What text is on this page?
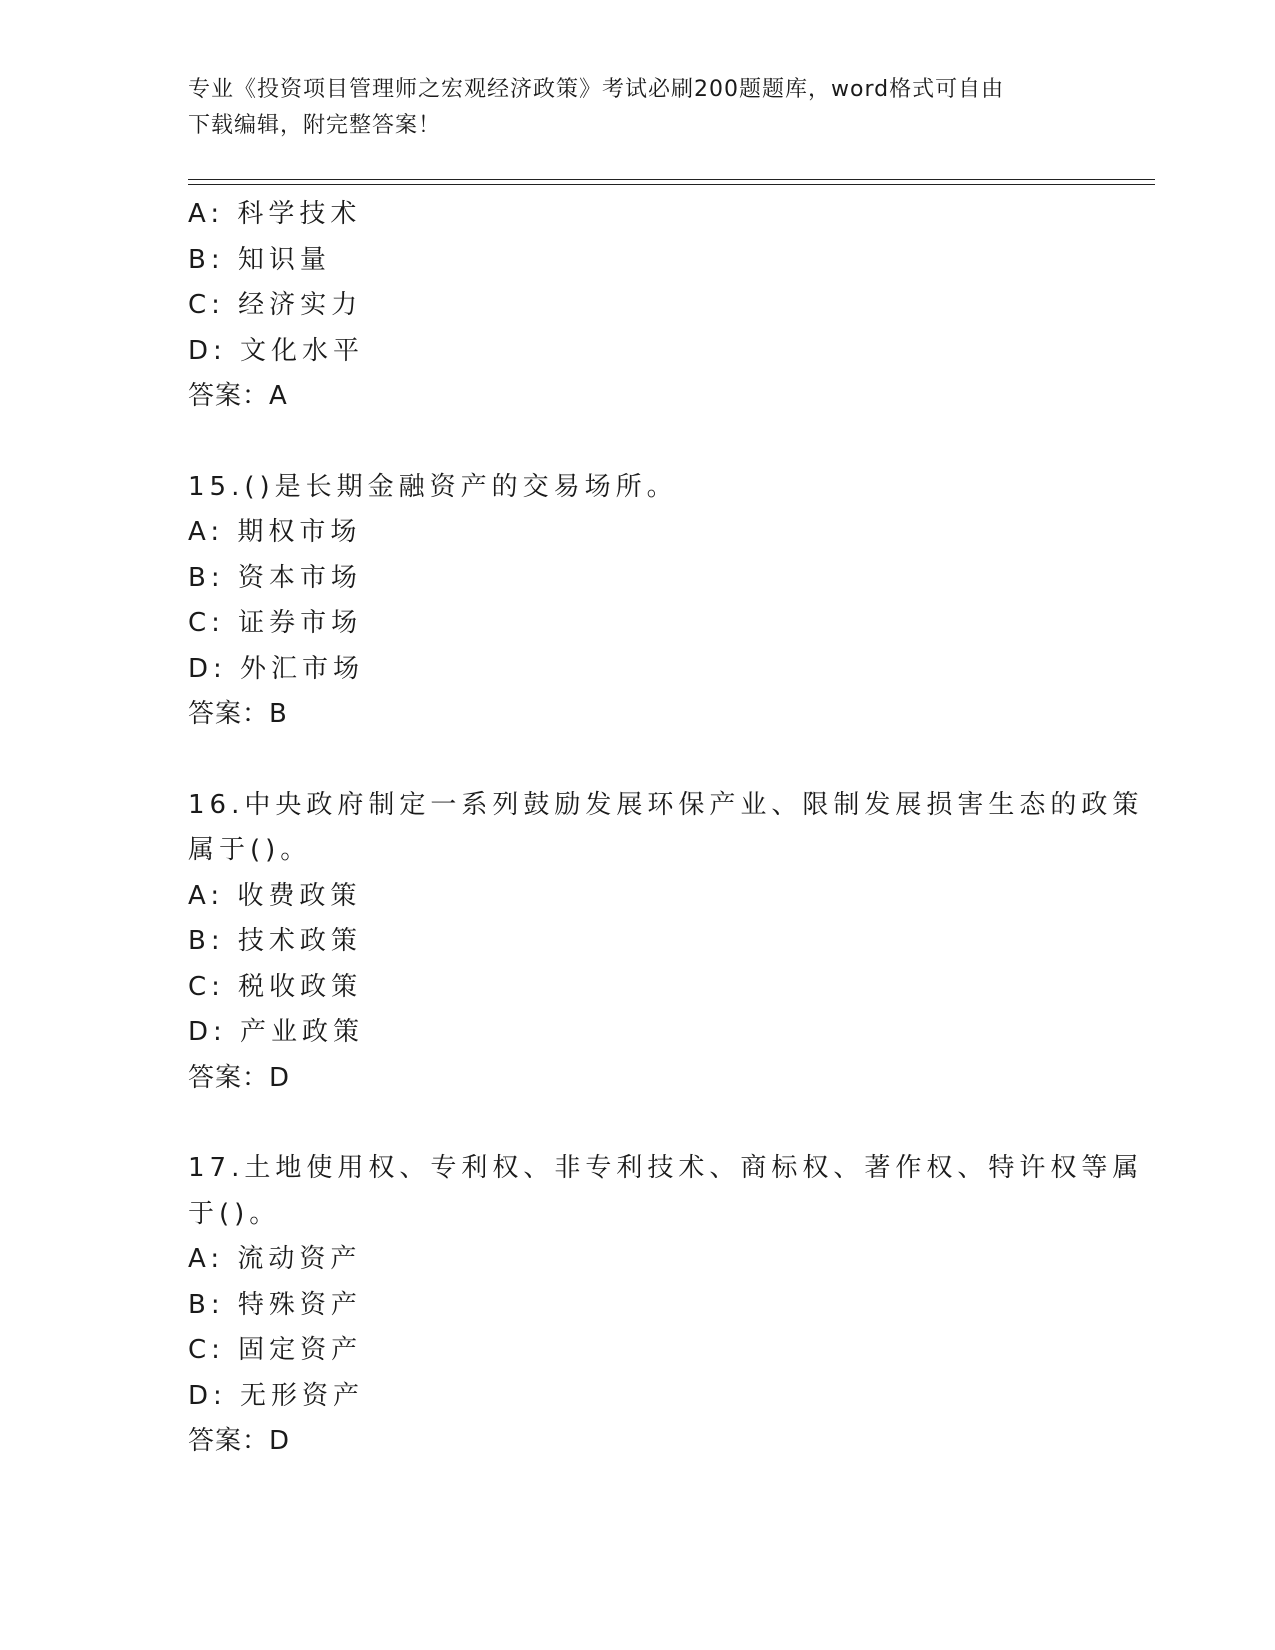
专业《投资项目管理师之宏观经济政策》考试必刷200题题库，word格式可自由
下载编辑，附完整答案！
A: 科学技术
B: 知识量
C: 经济实力
D: 文化水平
答案：A
15.()是长期金融资产的交易场所。
A: 期权市场
B: 资本市场
C: 证券市场
D: 外汇市场
答案：B
16.中央政府制定一系列鼓励发展环保产业、限制发展损害生态的政策
属于()。
A: 收费政策
B: 技术政策
C: 税收政策
D: 产业政策
答案：D
17.土地使用权、专利权、非专利技术、商标权、著作权、特许权等属
于()。
A: 流动资产
B: 特殊资产
C: 固定资产
D: 无形资产
答案：D
